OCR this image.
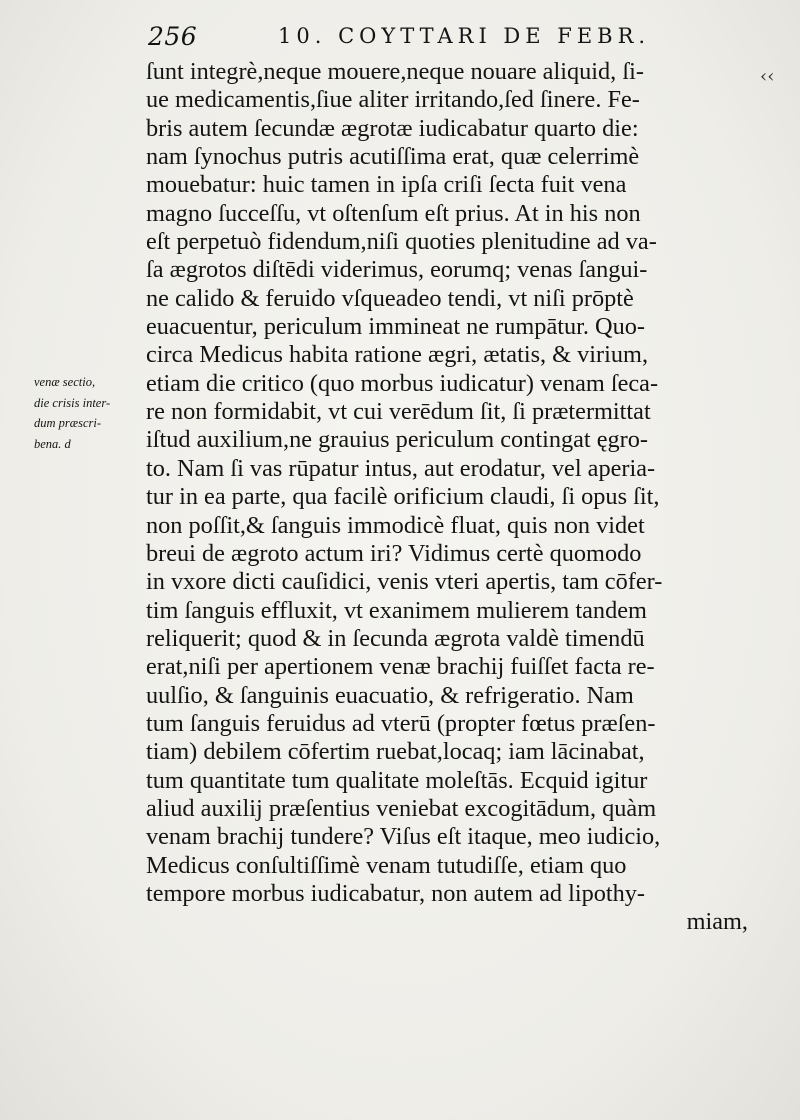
256	10. COYTTARI DE FEBR.
‹‹
venæ sectio,
die crisis inter-
dum præscri-
bena. d
ſunt integrè,neque mouere,neque nouare aliquid, ſi-
ue medicamentis,ſiue aliter irritando,ſed ſinere. Fe-
bris autem ſecundæ ægrotæ iudicabatur quarto die:
nam ſynochus putris acutiſſima erat, quæ celerrimè
mouebatur: huic tamen in ipſa criſi ſecta fuit vena
magno ſucceſſu, vt oſtenſum eſt prius. At in his non
eſt perpetuò fidendum,niſi quoties plenitudine ad va-
ſa ægrotos diſtēdi viderimus, eorumq; venas ſangui-
ne calido & feruido vſqueadeo tendi, vt niſi prōptè
euacuentur, periculum immineat ne rumpātur. Quo-
circa Medicus habita ratione ægri, ætatis, & virium,
etiam die critico (quo morbus iudicatur) venam ſeca-
re non formidabit, vt cui verēdum ſit, ſi prætermittat
iſtud auxilium,ne grauius periculum contingat ęgro-
to. Nam ſi vas rūpatur intus, aut erodatur, vel aperia-
tur in ea parte, qua facilè orificium claudi, ſi opus ſit,
non poſſit,& ſanguis immodicè fluat, quis non videt
breui de ægroto actum iri? Vidimus certè quomodo
in vxore dicti cauſidici, venis vteri apertis, tam cōfer-
tim ſanguis effluxit, vt exanimem mulierem tandem
reliquerit; quod & in ſecunda ægrota valdè timendū
erat,niſi per apertionem venæ brachij fuiſſet facta re-
uulſio, & ſanguinis euacuatio, & refrigeratio. Nam
tum ſanguis feruidus ad vterū (propter fœtus præſen-
tiam) debilem cōfertim ruebat,locaq; iam lācinabat,
tum quantitate tum qualitate moleſtās. Ecquid igitur
aliud auxilij præſentius veniebat excogitādum, quàm
venam brachij tundere? Viſus eſt itaque, meo iudicio,
Medicus conſultiſſimè venam tutudiſſe, etiam quo
tempore morbus iudicabatur, non autem ad lipothy-
miam,
